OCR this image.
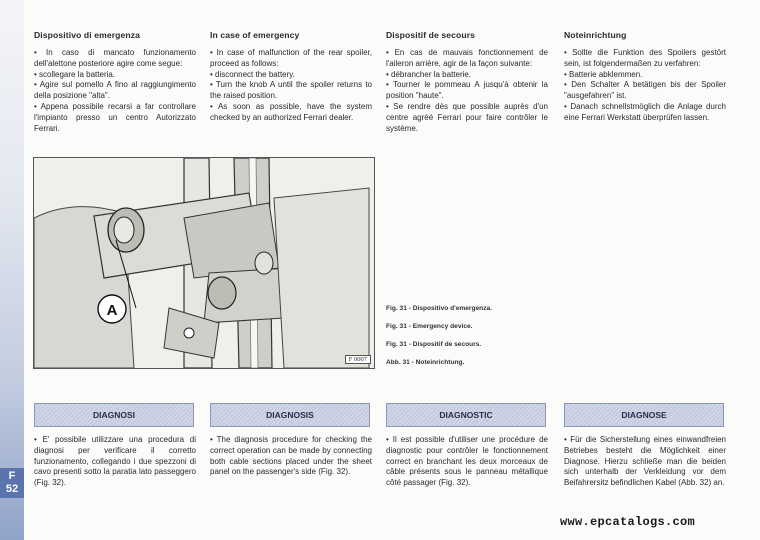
F
52
Dispositivo di emergenza

• In caso di mancato funzionamento dell'alettone posteriore agire come segue:

• scollegare la batteria.

• Agire sul pomello A fino al raggiungimento della posizione "alta".

• Appena possibile recarsi a far controllare l'impianto presso un centro Autorizzato Ferrari.

In case of emergency

• In case of malfunction of the rear spoiler, proceed as follows:

• disconnect the battery.

• Turn the knob A until the spoiler returns to the raised position.

• As soon as possible, have the system checked by an authorized Ferrari dealer.

Dispositif de secours

• En cas de mauvais fonctionnement de l'aileron arrière, agir de la façon suivante:

• débrancher la batterie.

• Tourner le pommeau A jusqu'à obtenir la position "haute".

• Se rendre dès que possible auprès d'un centre agréé Ferrari pour faire contrôler le système.

Noteinrichtung

• Sollte die Funktion des Spoilers gestört sein, ist folgendermaßen zu verfahren:

• Batterie abklemmen.

• Den Schalter A betätigen bis der Spoiler "ausgefahren" ist.

• Danach schnellstmöglich die Anlage durch eine Ferrari Werkstatt überprüfen lassen.

A
F 0007
Fig. 31 - Dispositivo d'emergenza.
Fig. 31 - Emergency device.
Fig. 31 - Dispositif de secours.
Abb. 31 - Noteinrichtung.
DIAGNOSI	DIAGNOSIS	DIAGNOSTIC	DIAGNOSE

• E' possibile utilizzare una procedura di diagnosi per verificare il corretto funzionamento, collegando i due spezzoni di cavo presenti sotto la paratia lato passeggero (Fig. 32).

• The diagnosis procedure for checking the correct operation can be made by connecting both cable sections placed under the sheet panel on the passenger's side (Fig. 32).

• Il est possible d'utiliser une procédure de diagnostic pour contrôler le fonctionnement correct en branchant les deux morceaux de câble présents sous le panneau métallique côté passager (Fig. 32).

• Für die Sicherstellung eines einwandfreien Betriebes besteht die Möglichkeit einer Diagnose. Hierzu schließe man die beiden sich unterhalb der Verkleidung vor dem Beifahrersitz befindlichen Kabel (Abb. 32) an.

www.epcatalogs.com
